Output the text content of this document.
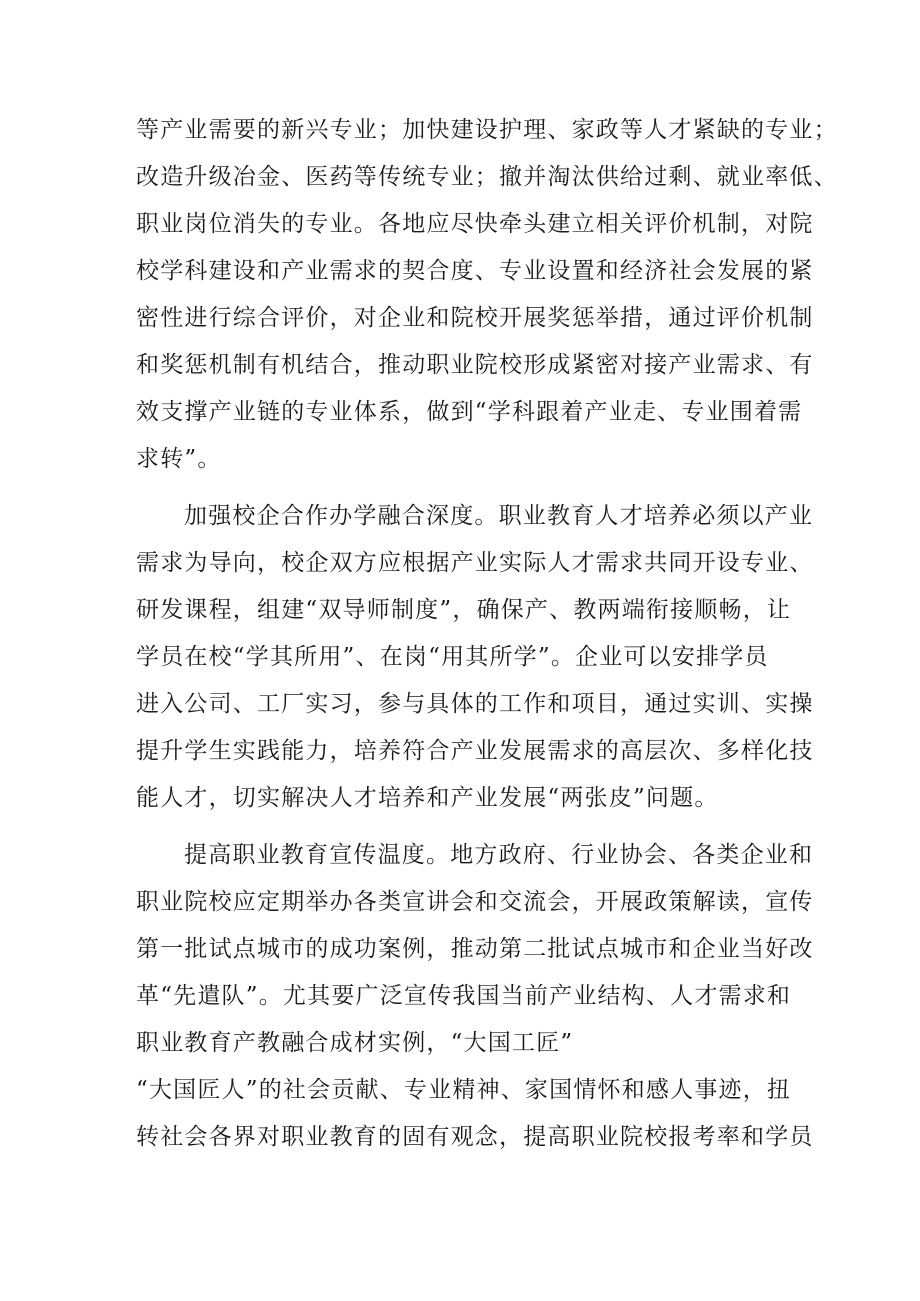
等产业需要的新兴专业；加快建设护理、家政等人才紧缺的专业；

改造升级冶金、医药等传统专业；撤并淘汰供给过剩、就业率低、

职业岗位消失的专业。各地应尽快牵头建立相关评价机制，对院

校学科建设和产业需求的契合度、专业设置和经济社会发展的紧

密性进行综合评价，对企业和院校开展奖惩举措，通过评价机制

和奖惩机制有机结合，推动职业院校形成紧密对接产业需求、有

效支撑产业链的专业体系，做到“学科跟着产业走、专业围着需

求转”。

加强校企合作办学融合深度。职业教育人才培养必须以产业

需求为导向，校企双方应根据产业实际人才需求共同开设专业、

研发课程，组建“双导师制度”，确保产、教两端衔接顺畅，让

学员在校“学其所用”、在岗“用其所学”。企业可以安排学员

进入公司、工厂实习，参与具体的工作和项目，通过实训、实操

提升学生实践能力，培养符合产业发展需求的高层次、多样化技

能人才，切实解决人才培养和产业发展“两张皮”问题。

提高职业教育宣传温度。地方政府、行业协会、各类企业和

职业院校应定期举办各类宣讲会和交流会，开展政策解读，宣传

第一批试点城市的成功案例，推动第二批试点城市和企业当好改

革“先遣队”。尤其要广泛宣传我国当前产业结构、人才需求和

职业教育产教融合成材实例，“大国工匠”

“大国匠人”的社会贡献、专业精神、家国情怀和感人事迹，扭

转社会各界对职业教育的固有观念，提高职业院校报考率和学员
